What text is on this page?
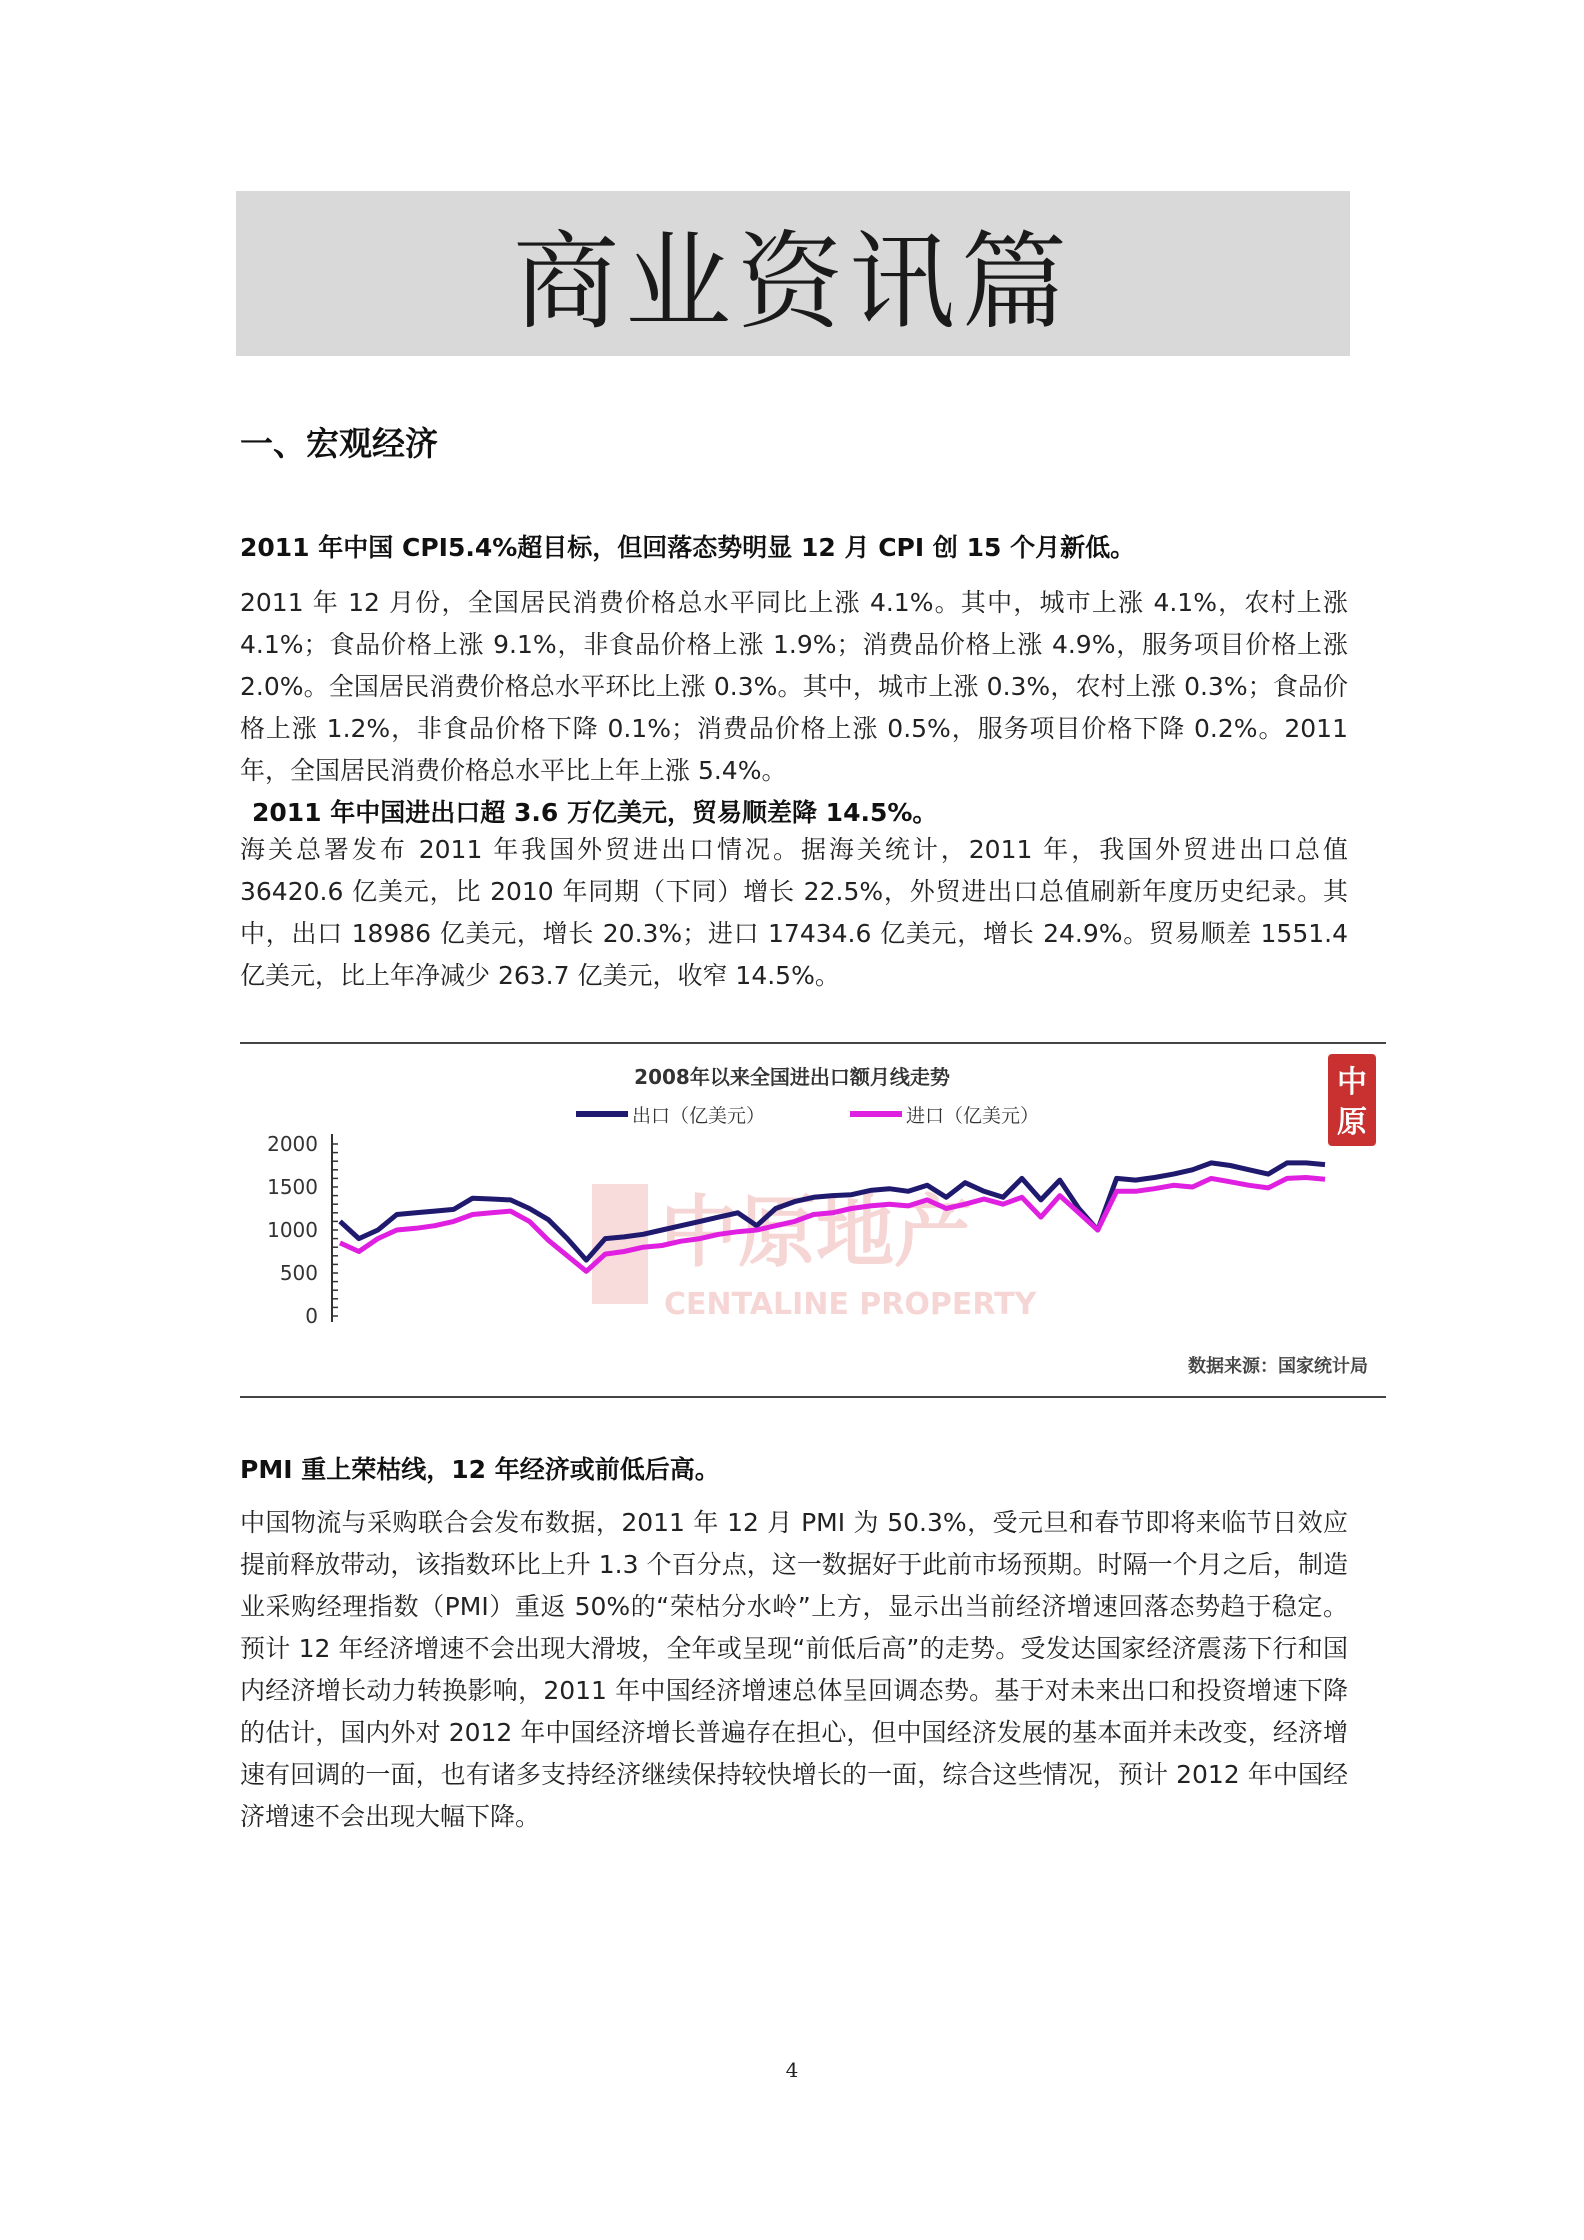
商业资讯篇
一、宏观经济
2011 年中国 CPI5.4%超目标，但回落态势明显 12 月 CPI 创 15 个月新低。

2011 年 12 月份，全国居民消费价格总水平同比上涨 4.1%。其中，城市上涨 4.1%，农村上涨 4.1%；食品价格上涨 9.1%，非食品价格上涨 1.9%；消费品价格上涨 4.9%，服务项目价格上涨 2.0%。全国居民消费价格总水平环比上涨 0.3%。其中，城市上涨 0.3%，农村上涨 0.3%；食品价格上涨 1.2%，非食品价格下降 0.1%；消费品价格上涨 0.5%，服务项目价格下降 0.2%。2011 年，全国居民消费价格总水平比上年上涨 5.4%。

2011 年中国进出口超 3.6 万亿美元，贸易顺差降 14.5%。

海关总署发布 2011 年我国外贸进出口情况。据海关统计，2011 年，我国外贸进出口总值 36420.6 亿美元，比 2010 年同期（下同）增长 22.5%，外贸进出口总值刷新年度历史纪录。其中，出口 18986 亿美元，增长 20.3%；进口 17434.6 亿美元，增长 24.9%。贸易顺差 1551.4 亿美元，比上年净减少 263.7 亿美元，收窄 14.5%。

中原地产
CENTALINE PROPERTY
2008年以来全国进出口额月线走势
出口（亿美元）	进口（亿美元）
2000
1500
1000
500
0
中
原
数据来源：国家统计局
PMI 重上荣枯线，12 年经济或前低后高。

中国物流与采购联合会发布数据，2011 年 12 月 PMI 为 50.3%，受元旦和春节即将来临节日效应提前释放带动，该指数环比上升 1.3 个百分点，这一数据好于此前市场预期。时隔一个月之后，制造业采购经理指数（PMI）重返 50%的“荣枯分水岭”上方，显示出当前经济增速回落态势趋于稳定。预计 12 年经济增速不会出现大滑坡，全年或呈现“前低后高”的走势。受发达国家经济震荡下行和国内经济增长动力转换影响，2011 年中国经济增速总体呈回调态势。基于对未来出口和投资增速下降的估计，国内外对 2012 年中国经济增长普遍存在担心，但中国经济发展的基本面并未改变，经济增速有回调的一面，也有诸多支持经济继续保持较快增长的一面，综合这些情况，预计 2012 年中国经济增速不会出现大幅下降。

4
